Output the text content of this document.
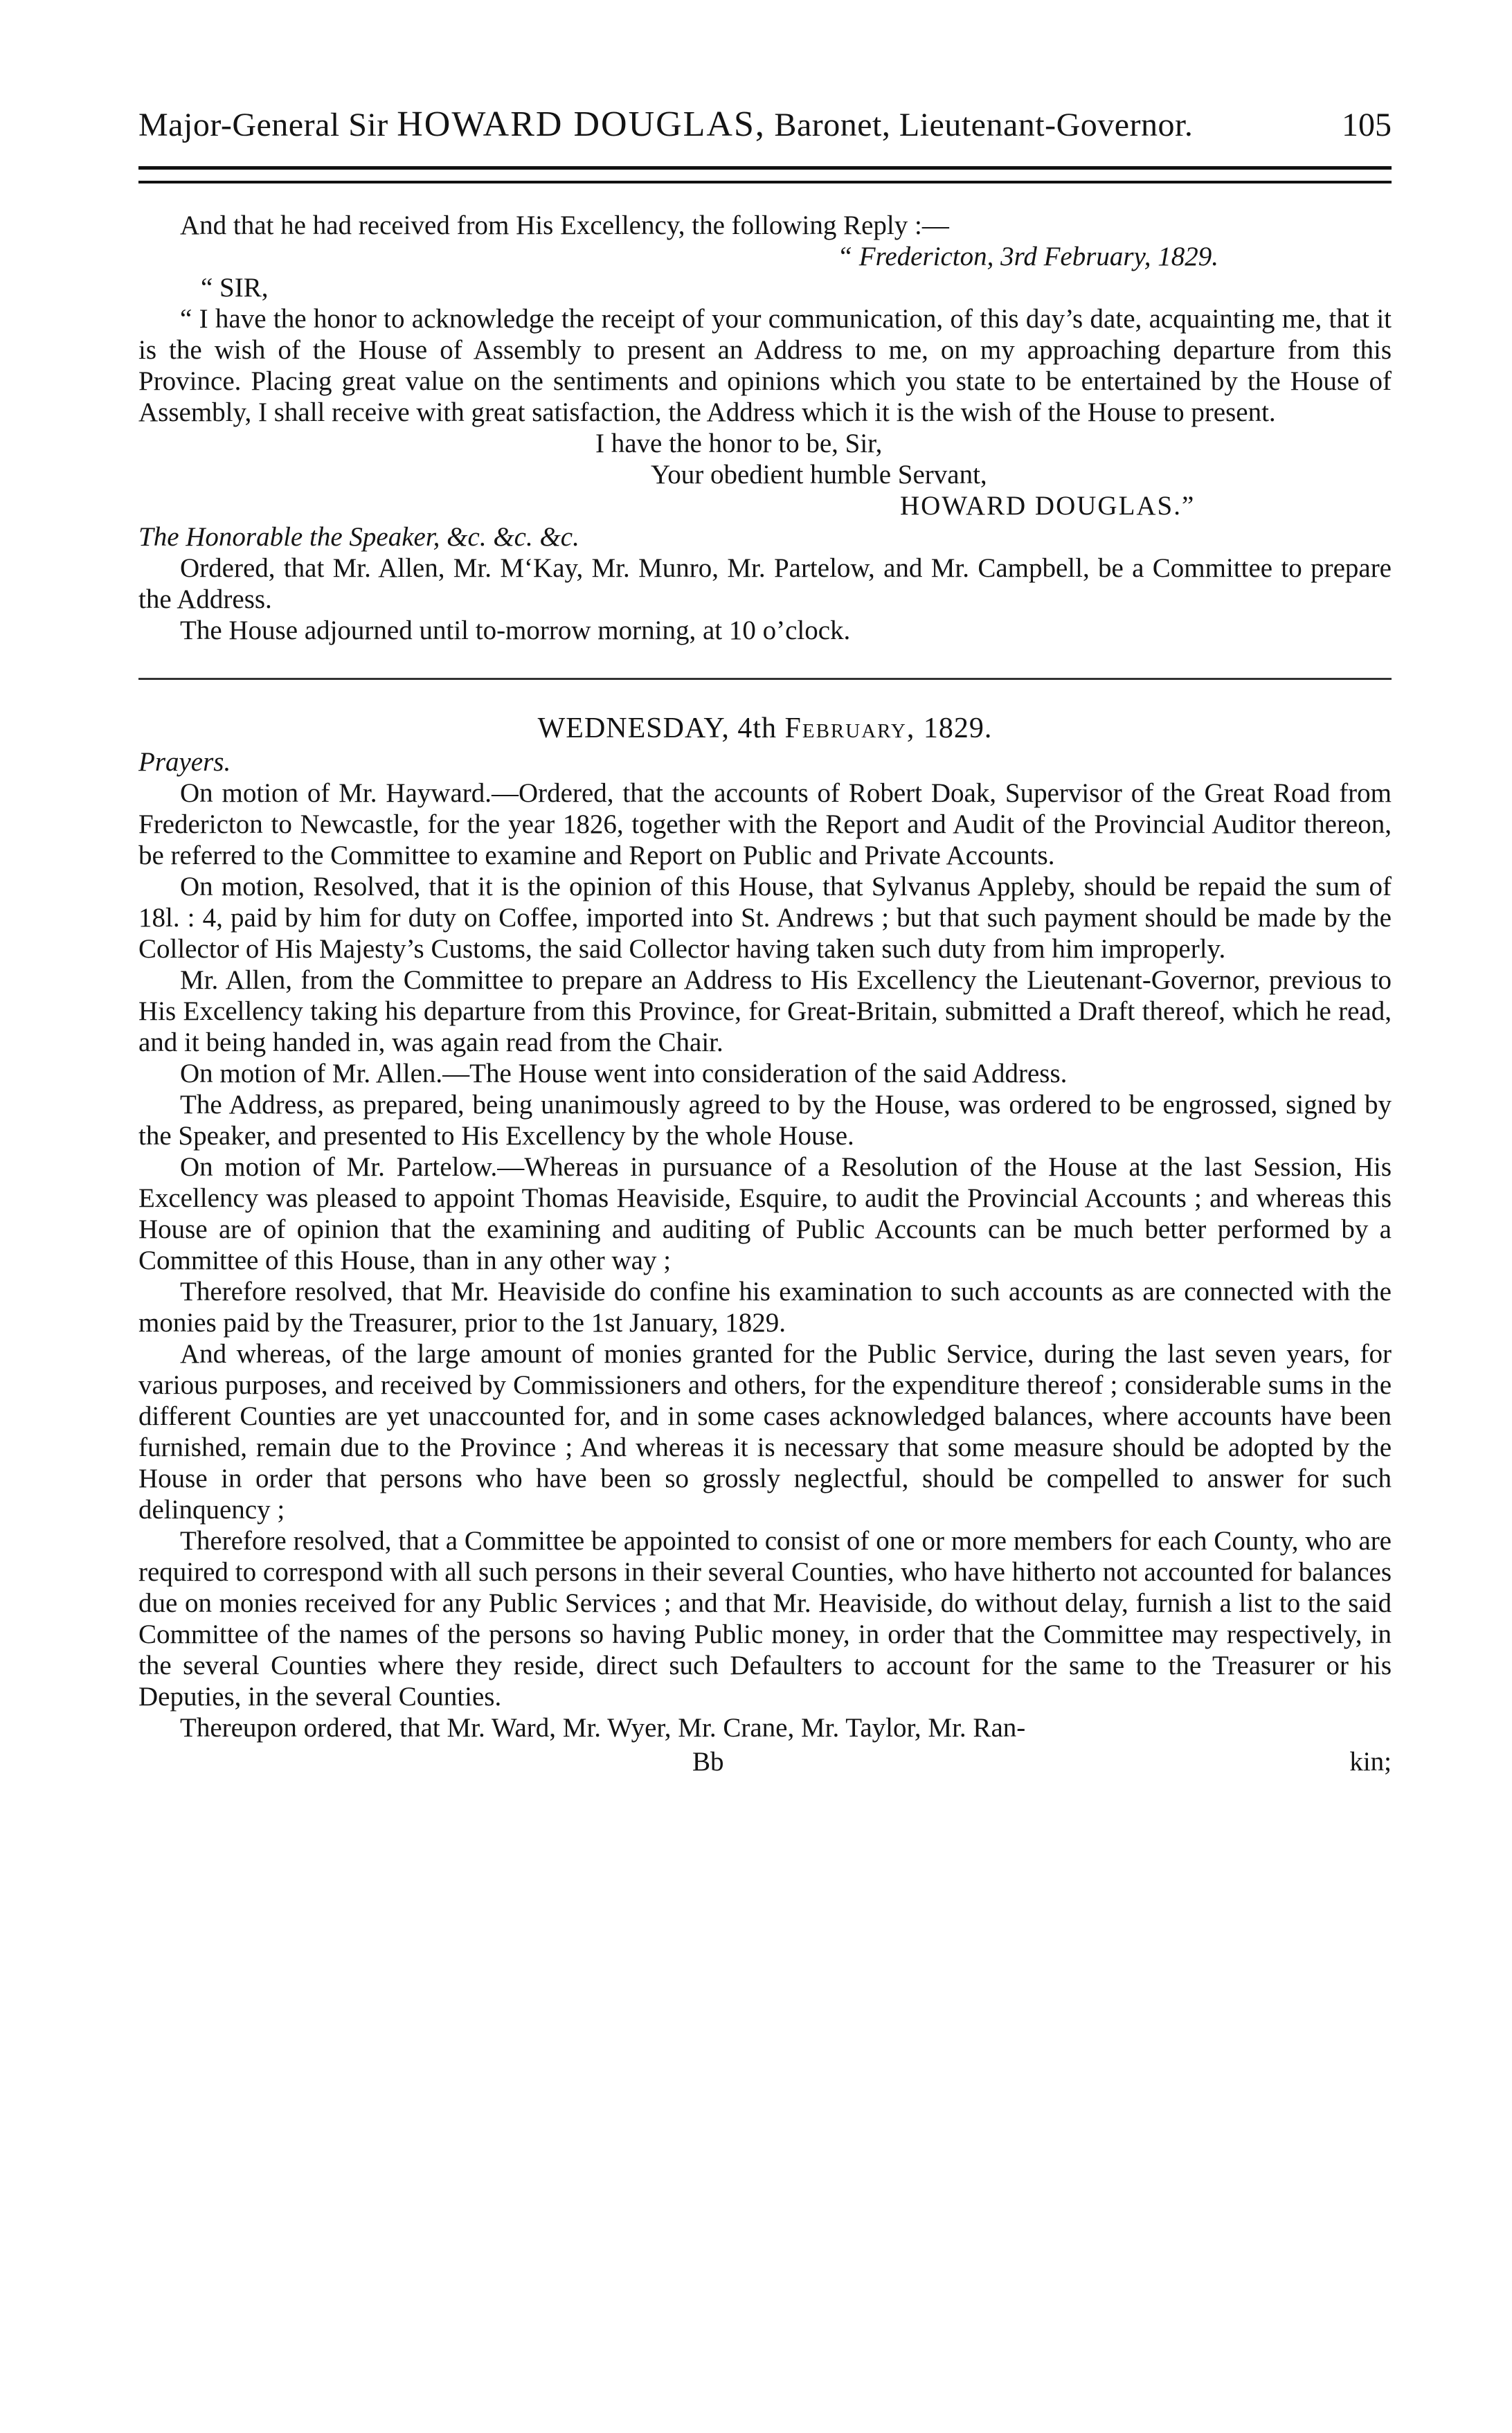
Major-General Sir HOWARD DOUGLAS, Baronet, Lieutenant-Governor.	105

And that he had received from His Excellency, the following Reply :—

“ Fredericton, 3rd February, 1829.
“ SIR,

“ I have the honor to acknowledge the receipt of your communication, of this day’s date, acquainting me, that it is the wish of the House of Assembly to present an Address to me, on my approaching departure from this Province. Placing great value on the sentiments and opinions which you state to be entertained by the House of Assembly, I shall receive with great satisfaction, the Address which it is the wish of the House to present.

I have the honor to be, Sir,
Your obedient humble Servant,
HOWARD DOUGLAS.”
The Honorable the Speaker, &c. &c. &c.

Ordered, that Mr. Allen, Mr. M‘Kay, Mr. Munro, Mr. Partelow, and Mr. Campbell, be a Committee to prepare the Address.

The House adjourned until to-morrow morning, at 10 o’clock.

WEDNESDAY, 4th February, 1829.
Prayers.

On motion of Mr. Hayward.—Ordered, that the accounts of Robert Doak, Supervisor of the Great Road from Fredericton to Newcastle, for the year 1826, together with the Report and Audit of the Provincial Auditor thereon, be referred to the Committee to examine and Report on Public and Private Accounts.

On motion, Resolved, that it is the opinion of this House, that Sylvanus Appleby, should be repaid the sum of 18l. : 4, paid by him for duty on Coffee, imported into St. Andrews ; but that such payment should be made by the Collector of His Majesty’s Customs, the said Collector having taken such duty from him improperly.

Mr. Allen, from the Committee to prepare an Address to His Excellency the Lieutenant-Governor, previous to His Excellency taking his departure from this Province, for Great-Britain, submitted a Draft thereof, which he read, and it being handed in, was again read from the Chair.

On motion of Mr. Allen.—The House went into consideration of the said Address.

The Address, as prepared, being unanimously agreed to by the House, was ordered to be engrossed, signed by the Speaker, and presented to His Excellency by the whole House.

On motion of Mr. Partelow.—Whereas in pursuance of a Resolution of the House at the last Session, His Excellency was pleased to appoint Thomas Heaviside, Esquire, to audit the Provincial Accounts ; and whereas this House are of opinion that the examining and auditing of Public Accounts can be much better performed by a Committee of this House, than in any other way ;

Therefore resolved, that Mr. Heaviside do confine his examination to such accounts as are connected with the monies paid by the Treasurer, prior to the 1st January, 1829.

And whereas, of the large amount of monies granted for the Public Service, during the last seven years, for various purposes, and received by Commissioners and others, for the expenditure thereof ; considerable sums in the different Counties are yet unaccounted for, and in some cases acknowledged balances, where accounts have been furnished, remain due to the Province ; And whereas it is necessary that some measure should be adopted by the House in order that persons who have been so grossly neglectful, should be compelled to answer for such delinquency ;

Therefore resolved, that a Committee be appointed to consist of one or more members for each County, who are required to correspond with all such persons in their several Counties, who have hitherto not accounted for balances due on monies received for any Public Services ; and that Mr. Heaviside, do without delay, furnish a list to the said Committee of the names of the persons so having Public money, in order that the Committee may respectively, in the several Counties where they reside, direct such Defaulters to account for the same to the Treasurer or his Deputies, in the several Counties.

Thereupon ordered, that Mr. Ward, Mr. Wyer, Mr. Crane, Mr. Taylor, Mr. Ran-

Bb	kin;
